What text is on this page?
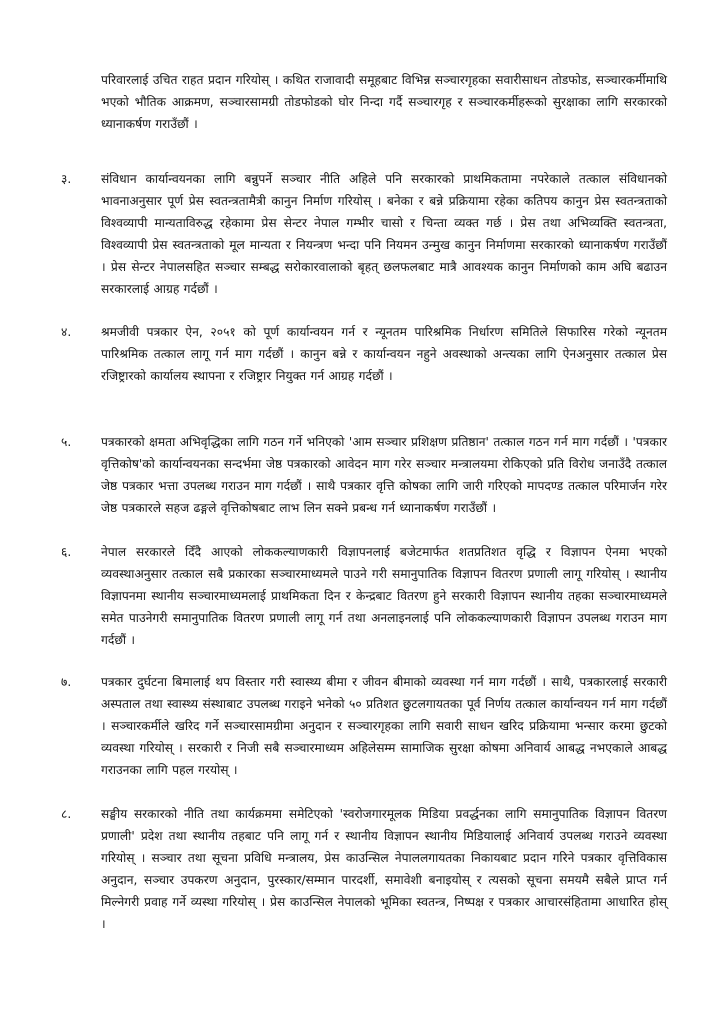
परिवारलाई उचित राहत प्रदान गरियोस् । कथित राजावादी समूहबाट विभिन्न सञ्चारगृहका सवारीसाधन तोडफोड, सञ्चारकर्मीमाथि भएको भौतिक आक्रमण, सञ्चारसामग्री तोडफोडको घोर निन्दा गर्दै सञ्चारगृह र सञ्चारकर्मीहरूको सुरक्षाका लागि सरकारको ध्यानाकर्षण गराउँछौं ।

३. संविधान कार्यान्वयनका लागि बन्नुपर्ने सञ्चार नीति अहिले पनि सरकारको प्राथमिकतामा नपरेकाले तत्काल संविधानको भावनाअनुसार पूर्ण प्रेस स्वतन्त्रतामैत्री कानुन निर्माण गरियोस् । बनेका र बन्ने प्रक्रियामा रहेका कतिपय कानुन प्रेस स्वतन्त्रताको विश्वव्यापी मान्यताविरुद्ध रहेकामा प्रेस सेन्टर नेपाल गम्भीर चासो र चिन्ता व्यक्त गर्छ । प्रेस तथा अभिव्यक्ति स्वतन्त्रता, विश्वव्यापी प्रेस स्वतन्त्रताको मूल मान्यता र नियन्त्रण भन्दा पनि नियमन उन्मुख कानुन निर्माणमा सरकारको ध्यानाकर्षण गराउँछौं । प्रेस सेन्टर नेपालसहित सञ्चार सम्बद्ध सरोकारवालाको बृहत् छलफलबाट मात्रै आवश्यक कानुन निर्माणको काम अघि बढाउन सरकारलाई आग्रह गर्दछौं ।

४. श्रमजीवी पत्रकार ऐन, २०५१ को पूर्ण कार्यान्वयन गर्न र न्यूनतम पारिश्रमिक निर्धारण समितिले सिफारिस गरेको न्यूनतम पारिश्रमिक तत्काल लागू गर्न माग गर्दछौं । कानुन बन्ने र कार्यान्वयन नहुने अवस्थाको अन्त्यका लागि ऐनअनुसार तत्काल प्रेस रजिष्ट्रारको कार्यालय स्थापना र रजिष्ट्रार नियुक्त गर्न आग्रह गर्दछौं ।

५. पत्रकारको क्षमता अभिवृद्धिका लागि गठन गर्ने भनिएको 'आम सञ्चार प्रशिक्षण प्रतिष्ठान' तत्काल गठन गर्न माग गर्दछौं । 'पत्रकार वृत्तिकोष'को कार्यान्वयनका सन्दर्भमा जेष्ठ पत्रकारको आवेदन माग गरेर सञ्चार मन्त्रालयमा रोकिएको प्रति विरोध जनाउँदै तत्काल जेष्ठ पत्रकार भत्ता उपलब्ध गराउन माग गर्दछौं । साथै पत्रकार वृत्ति कोषका लागि जारी गरिएको मापदण्ड तत्काल परिमार्जन गरेर जेष्ठ पत्रकारले सहज ढङ्गले वृत्तिकोषबाट लाभ लिन सक्ने प्रबन्ध गर्न ध्यानाकर्षण गराउँछौं ।

६. नेपाल सरकारले दिँदै आएको लोककल्याणकारी विज्ञापनलाई बजेटमार्फत शतप्रतिशत वृद्धि र विज्ञापन ऐनमा भएको व्यवस्थाअनुसार तत्काल सबै प्रकारका सञ्चारमाध्यमले पाउने गरी समानुपातिक विज्ञापन वितरण प्रणाली लागू गरियोस् । स्थानीय विज्ञापनमा स्थानीय सञ्चारमाध्यमलाई प्राथमिकता दिन र केन्द्रबाट वितरण हुने सरकारी विज्ञापन स्थानीय तहका सञ्चारमाध्यमले समेत पाउनेगरी समानुपातिक वितरण प्रणाली लागू गर्न तथा अनलाइनलाई पनि लोककल्याणकारी विज्ञापन उपलब्ध गराउन माग गर्दछौं ।

७. पत्रकार दुर्घटना बिमालाई थप विस्तार गरी स्वास्थ्य बीमा र जीवन बीमाको व्यवस्था गर्न माग गर्दछौं । साथै, पत्रकारलाई सरकारी अस्पताल तथा स्वास्थ्य संस्थाबाट उपलब्ध गराइने भनेको ५० प्रतिशत छुटलगायतका पूर्व निर्णय तत्काल कार्यान्वयन गर्न माग गर्दछौं । सञ्चारकर्मीले खरिद गर्ने सञ्चारसामग्रीमा अनुदान र सञ्चारगृहका लागि सवारी साधन खरिद प्रक्रियामा भन्सार करमा छुटको व्यवस्था गरियोस् । सरकारी र निजी सबै सञ्चारमाध्यम अहिलेसम्म सामाजिक सुरक्षा कोषमा अनिवार्य आबद्ध नभएकाले आबद्ध गराउनका लागि पहल गरयोस् ।

८. सङ्घीय सरकारको नीति तथा कार्यक्रममा समेटिएको 'स्वरोजगारमूलक मिडिया प्रवर्द्धनका लागि समानुपातिक विज्ञापन वितरण प्रणाली' प्रदेश तथा स्थानीय तहबाट पनि लागू गर्न र स्थानीय विज्ञापन स्थानीय मिडियालाई अनिवार्य उपलब्ध गराउने व्यवस्था गरियोस् । सञ्चार तथा सूचना प्रविधि मन्त्रालय, प्रेस काउन्सिल नेपाललगायतका निकायबाट प्रदान गरिने पत्रकार वृत्तिविकास अनुदान, सञ्चार उपकरण अनुदान, पुरस्कार/सम्मान पारदर्शी, समावेशी बनाइयोस् र त्यसको सूचना समयमै सबैले प्राप्त गर्न मिल्नेगरी प्रवाह गर्ने व्यस्था गरियोस् । प्रेस काउन्सिल नेपालको भूमिका स्वतन्त्र, निष्पक्ष र पत्रकार आचारसंहितामा आधारित होस् ।
